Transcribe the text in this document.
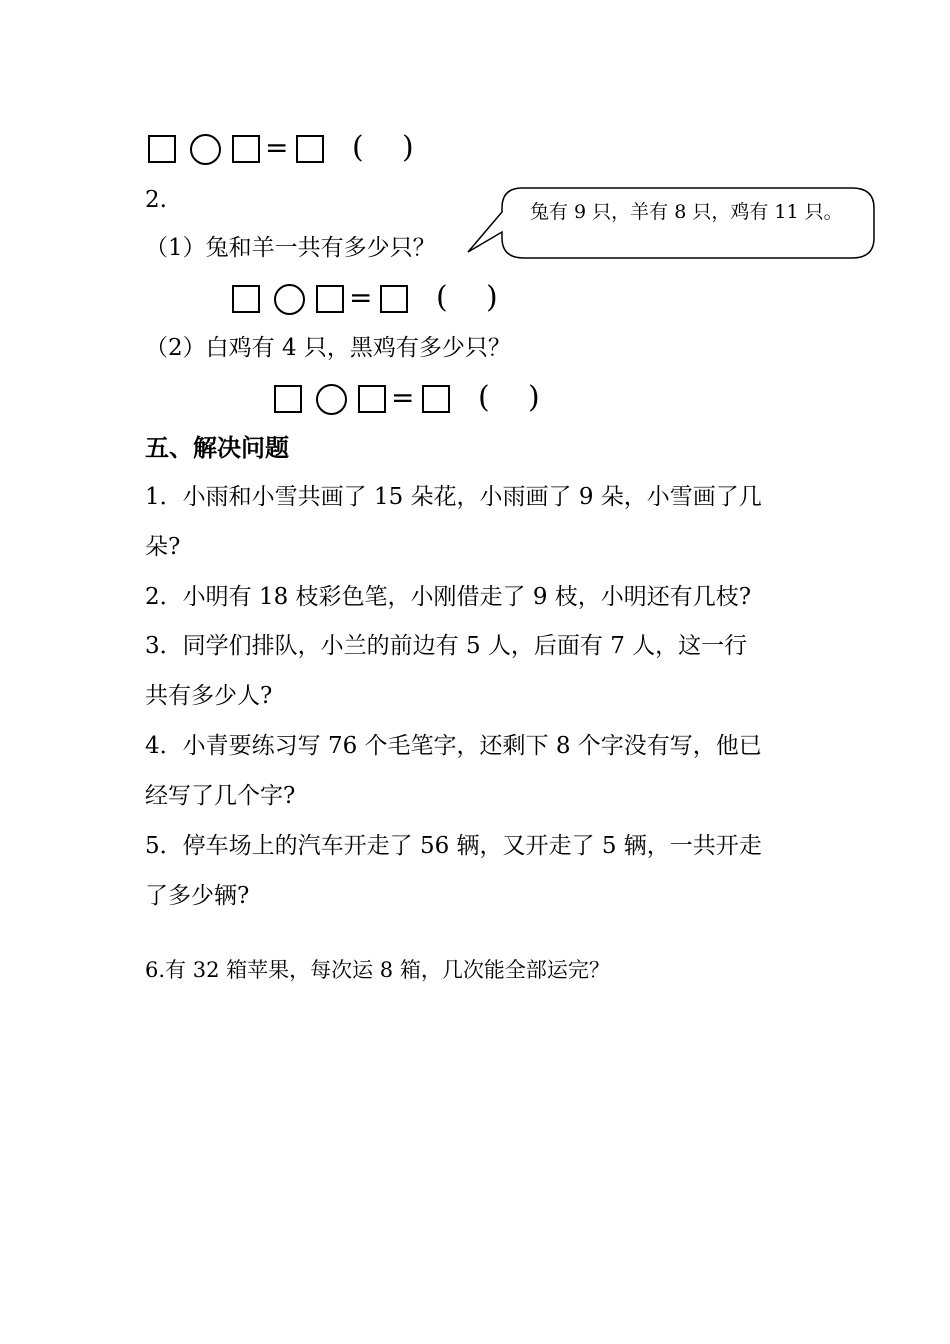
= ( )
2.	兔有 9 只，羊有 8 只，鸡有 11 只。
（1）兔和羊一共有多少只？
= ( )
（2）白鸡有 4 只，黑鸡有多少只？
= ( )
五、解决问题
1．小雨和小雪共画了 15 朵花，小雨画了 9 朵，小雪画了几
朵?
2．小明有 18 枝彩色笔，小刚借走了 9 枝，小明还有几枝?
3．同学们排队，小兰的前边有 5 人，后面有 7 人，这一行
共有多少人?
4．小青要练习写 76 个毛笔字，还剩下 8 个字没有写，他已
经写了几个字?
5．停车场上的汽车开走了 56 辆，又开走了 5 辆，一共开走
了多少辆?
6.有 32 箱苹果，每次运 8 箱，几次能全部运完？
